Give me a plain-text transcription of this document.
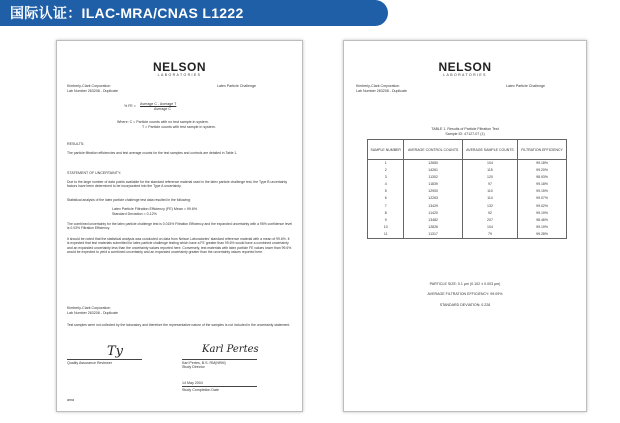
国际认证：ILAC-MRA/CNAS L1222
NELSON
LABORATORIES
Kimberly-Clark Corporation
Lab Number 263208 - Duplicate
Latex Particle Challenge
% FE = Average C - Average T
Average C
Where: C = Particle counts with no test sample in system.
T = Particle counts with test sample in system.
RESULTS:
The particle filtration efficiencies and test average counts for the test samples and controls are detailed in Table 1.
STATEMENT OF UNCERTAINTY:
Due to the large number of data points available for the standard reference material used in the latex particle challenge test, the Type B uncertainty factors have been determined to be incorporated into the Type A uncertainty.
Statistical analysis of the latex particle challenge test data resulted in the following:
Latex Particle Filtration Efficiency (FE) Mean = 99.6%
Standard Deviation = 0.12%
The combined uncertainty for the latex particle challenge test is 0.015% Filtration Efficiency and the expanded uncertainty with a 95% confidence level is 0.03% Filtration Efficiency.
It should be noted that the statistical analysis was conducted on data from Nelson Laboratories' standard reference material with a mean of 99.6%. It is expected that test materials submitted for latex particle challenge testing which have a FE greater than 99.6% would have a combined uncertainty and an expanded uncertainty less than the uncertainty values reported here. Conversely, test materials with latex particle FE values lower than 99.6% would be expected to yield a combined uncertainty and an expanded uncertainty greater than the uncertainty values reported here.
Kimberly-Clark Corporation
Lab Number 263208 - Duplicate
Test samples were not collected by the laboratory and therefore the representative nature of the samples is not included in the uncertainty statement.
Ty
Quality Assurance Reviewer
Karl Pertes
Karl Pertes, B.S. RM(NRM)
Study Director
14 May 2004
Study Completion Date
ama
NELSON
LABORATORIES
Kimberly-Clark Corporation
Lab Number 263208 - Duplicate
Latex Particle Challenge
TABLE 1. Results of Particle Filtration Test
Sample ID: 47127-07 (1)
SAMPLE NUMBER	AVERAGE CONTROL COUNTS	AVERAGE SAMPLE COUNTS	FILTRATION EFFICIENCY
1	12650	104	99.18%
2	14261	115	99.20%
3	11302	120	98.93%
4	11839	97	99.18%
5	12900	110	99.15%
6	12263	114	99.07%
7	13429	132	99.02%
8	11420	92	99.19%
9	13482	207	98.46%
10	12826	104	99.19%
11	11317	79	99.28%
PARTICLE SIZE: 0.1 μm (0.102 ± 0.003 μm)
AVERAGE FILTRATION EFFICIENCY: 99.09%
STANDARD DEVIATION: 0.228
